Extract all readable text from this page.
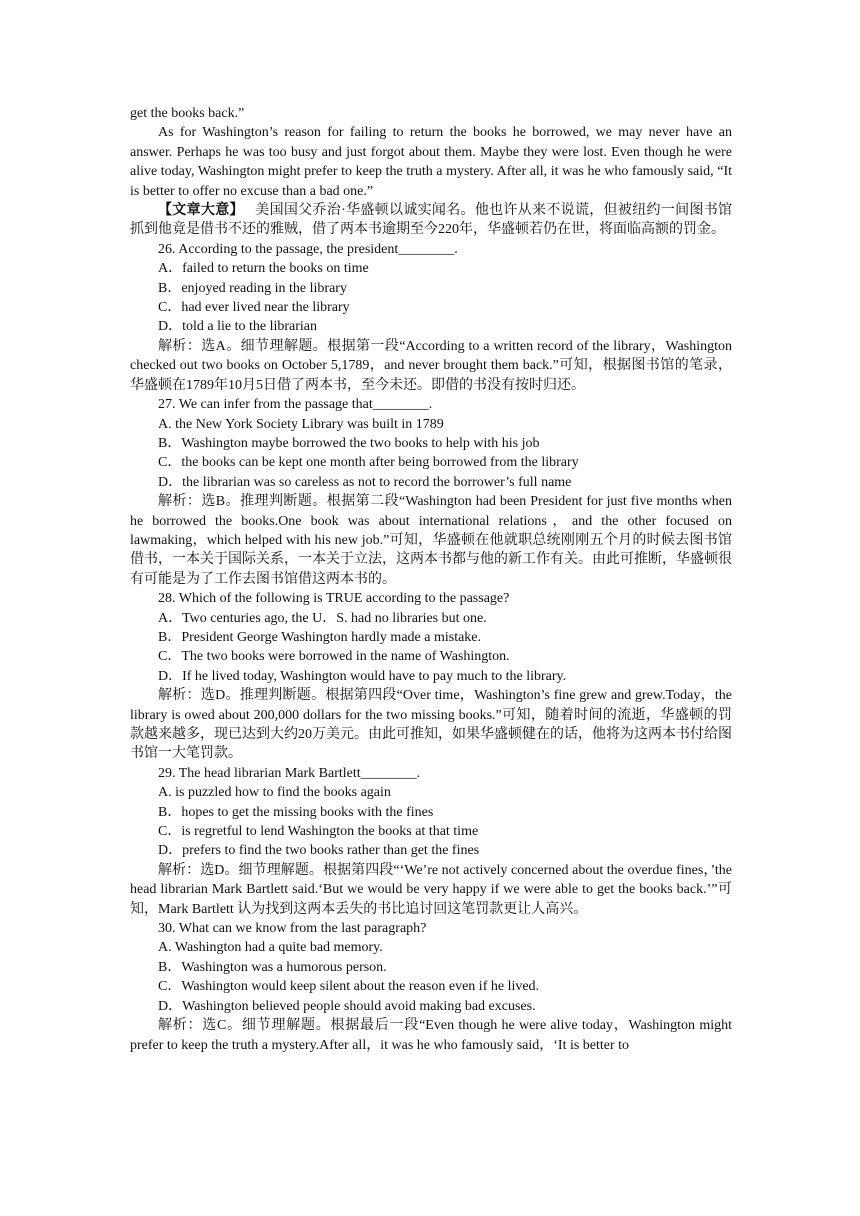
get the books back.”

As for Washington’s reason for failing to return the books he borrowed, we may never have an answer. Perhaps he was too busy and just forgot about them. Maybe they were lost. Even though he were alive today, Washington might prefer to keep the truth a mystery. After all, it was he who famously said, “It is better to offer no excuse than a bad one.”

【文章大意】 美国国父乔治·华盛顿以诚实闻名。他也许从来不说谎，但被纽约一间图书馆抓到他竟是借书不还的雅贼，借了两本书逾期至今220年，华盛顿若仍在世，将面临高额的罚金。

26. According to the passage, the president________.

A．failed to return the books on time

B．enjoyed reading in the library

C．had ever lived near the library

D．told a lie to the librarian

解析：选A。细节理解题。根据第一段“According to a written record of the library，Washington checked out two books on October 5,1789，and never brought them back.”可知，根据图书馆的笔录，华盛顿在1789年10月5日借了两本书，至今未还。即借的书没有按时归还。

27. We can infer from the passage that________.

A. the New York Society Library was built in 1789

B．Washington maybe borrowed the two books to help with his job

C．the books can be kept one month after being borrowed from the library

D．the librarian was so careless as not to record the borrower’s full name

解析：选B。推理判断题。根据第二段“Washington had been President for just five months when he borrowed the books.One book was about international relations，and the other focused on lawmaking，which helped with his new job.”可知，华盛顿在他就职总统刚刚五个月的时候去图书馆借书，一本关于国际关系，一本关于立法，这两本书都与他的新工作有关。由此可推断，华盛顿很有可能是为了工作去图书馆借这两本书的。

28. Which of the following is TRUE according to the passage?

A．Two centuries ago, the U．S. had no libraries but one.

B．President George Washington hardly made a mistake.

C．The two books were borrowed in the name of Washington.

D．If he lived today, Washington would have to pay much to the library.

解析：选D。推理判断题。根据第四段“Over time，Washington’s fine grew and grew.Today，the library is owed about 200,000 dollars for the two missing books.”可知，随着时间的流逝，华盛顿的罚款越来越多，现已达到大约20万美元。由此可推知，如果华盛顿健在的话，他将为这两本书付给图书馆一大笔罚款。

29. The head librarian Mark Bartlett________.

A. is puzzled how to find the books again

B．hopes to get the missing books with the fines

C．is regretful to lend Washington the books at that time

D．prefers to find the two books rather than get the fines

解析：选D。细节理解题。根据第四段“‘We’re not actively concerned about the overdue fines，’the head librarian Mark Bartlett said.‘But we would be very happy if we were able to get the books back.’”可知，Mark Bartlett 认为找到这两本丢失的书比追讨回这笔罚款更让人高兴。

30. What can we know from the last paragraph?

A. Washington had a quite bad memory.

B．Washington was a humorous person.

C．Washington would keep silent about the reason even if he lived.

D．Washington believed people should avoid making bad excuses.

解析：选C。细节理解题。根据最后一段“Even though he were alive today，Washington might prefer to keep the truth a mystery.After all，it was he who famously said，‘It is better to
